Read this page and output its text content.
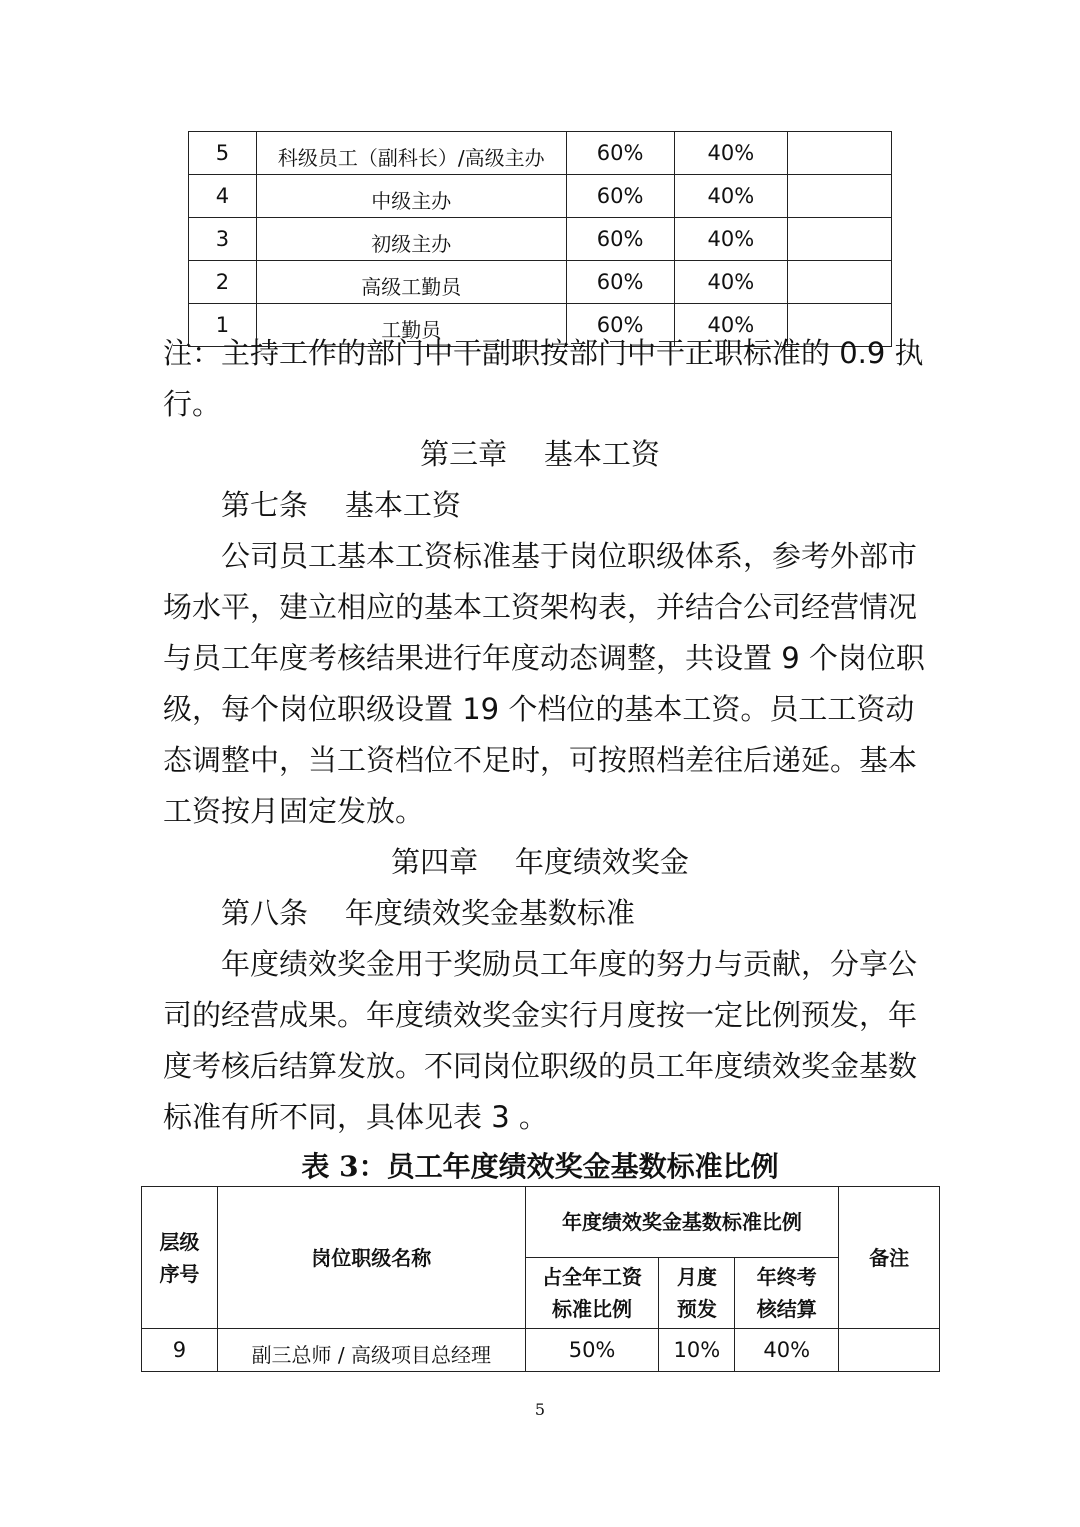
5	科级员工（副科长）/高级主办	60%	40%	
4	中级主办	60%	40%	
3	初级主办	60%	40%	
2	高级工勤员	60%	40%	
1	工勤员	60%	40%	
注：主持工作的部门中干副职按部门中干正职标准的 0.9 执
行。
第三章    基本工资
第七条    基本工资
公司员工基本工资标准基于岗位职级体系，参考外部市
场水平，建立相应的基本工资架构表，并结合公司经营情况
与员工年度考核结果进行年度动态调整，共设置 9 个岗位职
级，每个岗位职级设置 19 个档位的基本工资。员工工资动
态调整中，当工资档位不足时，可按照档差往后递延。基本
工资按月固定发放。
第四章    年度绩效奖金
第八条    年度绩效奖金基数标准
年度绩效奖金用于奖励员工年度的努力与贡献，分享公
司的经营成果。年度绩效奖金实行月度按一定比例预发，年
度考核后结算发放。不同岗位职级的员工年度绩效奖金基数
标准有所不同，具体见表 3 。
表 3：员工年度绩效奖金基数标准比例
层级序号	岗位职级名称	年度绩效奖金基数标准比例			备注
		占全年工资标准比例	月度预发	年终考核结算	
9	副三总师 / 高级项目总经理	50%	10%	40%	
5
